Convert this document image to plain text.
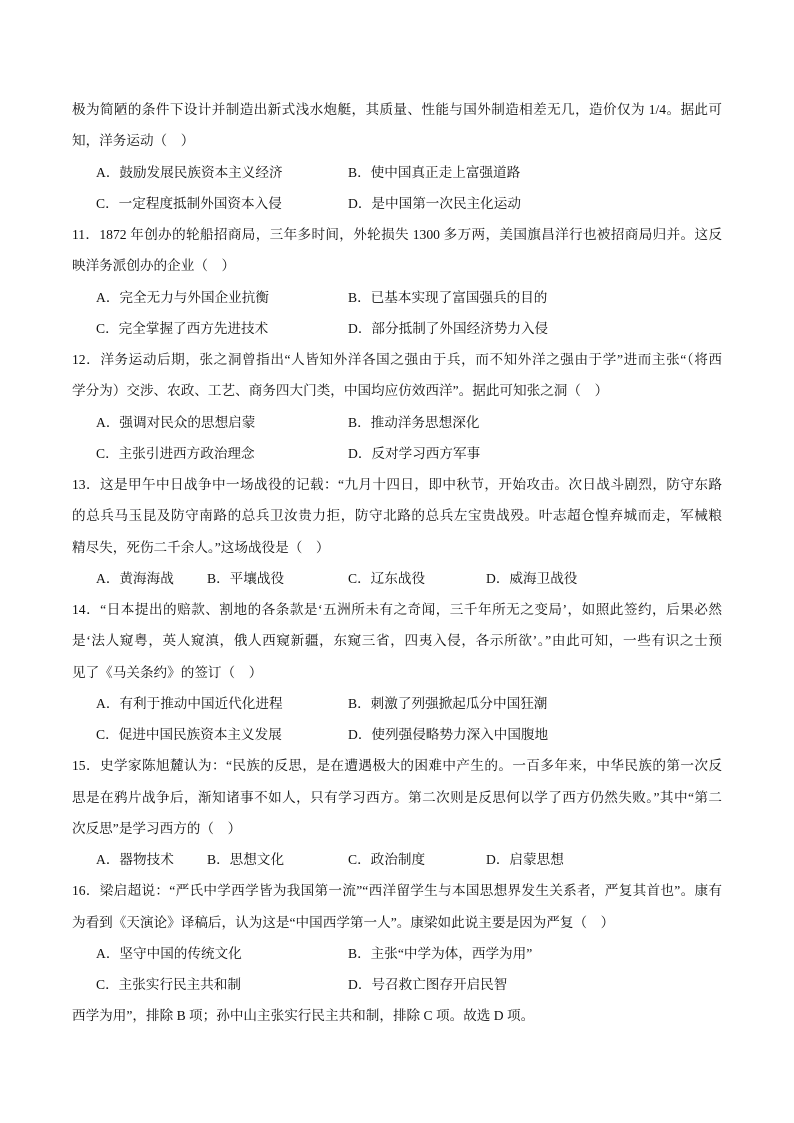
极为简陋的条件下设计并制造出新式浅水炮艇，其质量、性能与国外制造相差无几，造价仅为 1/4。据此可
知，洋务运动（　）
A．鼓励发展民族资本主义经济	B．使中国真正走上富强道路
C．一定程度抵制外国资本入侵	D．是中国第一次民主化运动
11．1872 年创办的轮船招商局，三年多时间，外轮损失 1300 多万两，美国旗昌洋行也被招商局归并。这反
映洋务派创办的企业（　）
A．完全无力与外国企业抗衡	B．已基本实现了富国强兵的目的
C．完全掌握了西方先进技术	D．部分抵制了外国经济势力入侵
12．洋务运动后期，张之洞曾指出“人皆知外洋各国之强由于兵，而不知外洋之强由于学”进而主张“（将西
学分为）交涉、农政、工艺、商务四大门类，中国均应仿效西洋”。据此可知张之洞（　）
A．强调对民众的思想启蒙	B．推动洋务思想深化
C．主张引进西方政治理念	D．反对学习西方军事
13．这是甲午中日战争中一场战役的记载：“九月十四日，即中秋节，开始攻击。次日战斗剧烈，防守东路
的总兵马玉昆及防守南路的总兵卫汝贵力拒，防守北路的总兵左宝贵战殁。叶志超仓惶弃城而走，军械粮
精尽失，死伤二千余人。”这场战役是（　）
A．黄海海战 B．平壤战役	C．辽东战役	D．威海卫战役
14．“日本提出的赔款、割地的各条款是‘五洲所未有之奇闻，三千年所无之变局’，如照此签约，后果必然
是‘法人窥粤，英人窥滇，俄人西窥新疆，东窥三省，四夷入侵，各示所欲’。”由此可知，一些有识之士预
见了《马关条约》的签订（　）
A．有利于推动中国近代化进程	B．刺激了列强掀起瓜分中国狂潮
C．促进中国民族资本主义发展	D．使列强侵略势力深入中国腹地
15．史学家陈旭麓认为：“民族的反思，是在遭遇极大的困难中产生的。一百多年来，中华民族的第一次反
思是在鸦片战争后，渐知诸事不如人，只有学习西方。第二次则是反思何以学了西方仍然失败。”其中“第二
次反思”是学习西方的（　）
A．器物技术 B．思想文化	C．政治制度	D．启蒙思想
16．梁启超说：“严氏中学西学皆为我国第一流”“西洋留学生与本国思想界发生关系者，严复其首也”。康有
为看到《天演论》译稿后，认为这是“中国西学第一人”。康梁如此说主要是因为严复（　）
A．坚守中国的传统文化	B．主张“中学为体，西学为用”
C．主张实行民主共和制	D．号召救亡图存开启民智
西学为用”，排除 B 项；孙中山主张实行民主共和制，排除 C 项。故选 D 项。
